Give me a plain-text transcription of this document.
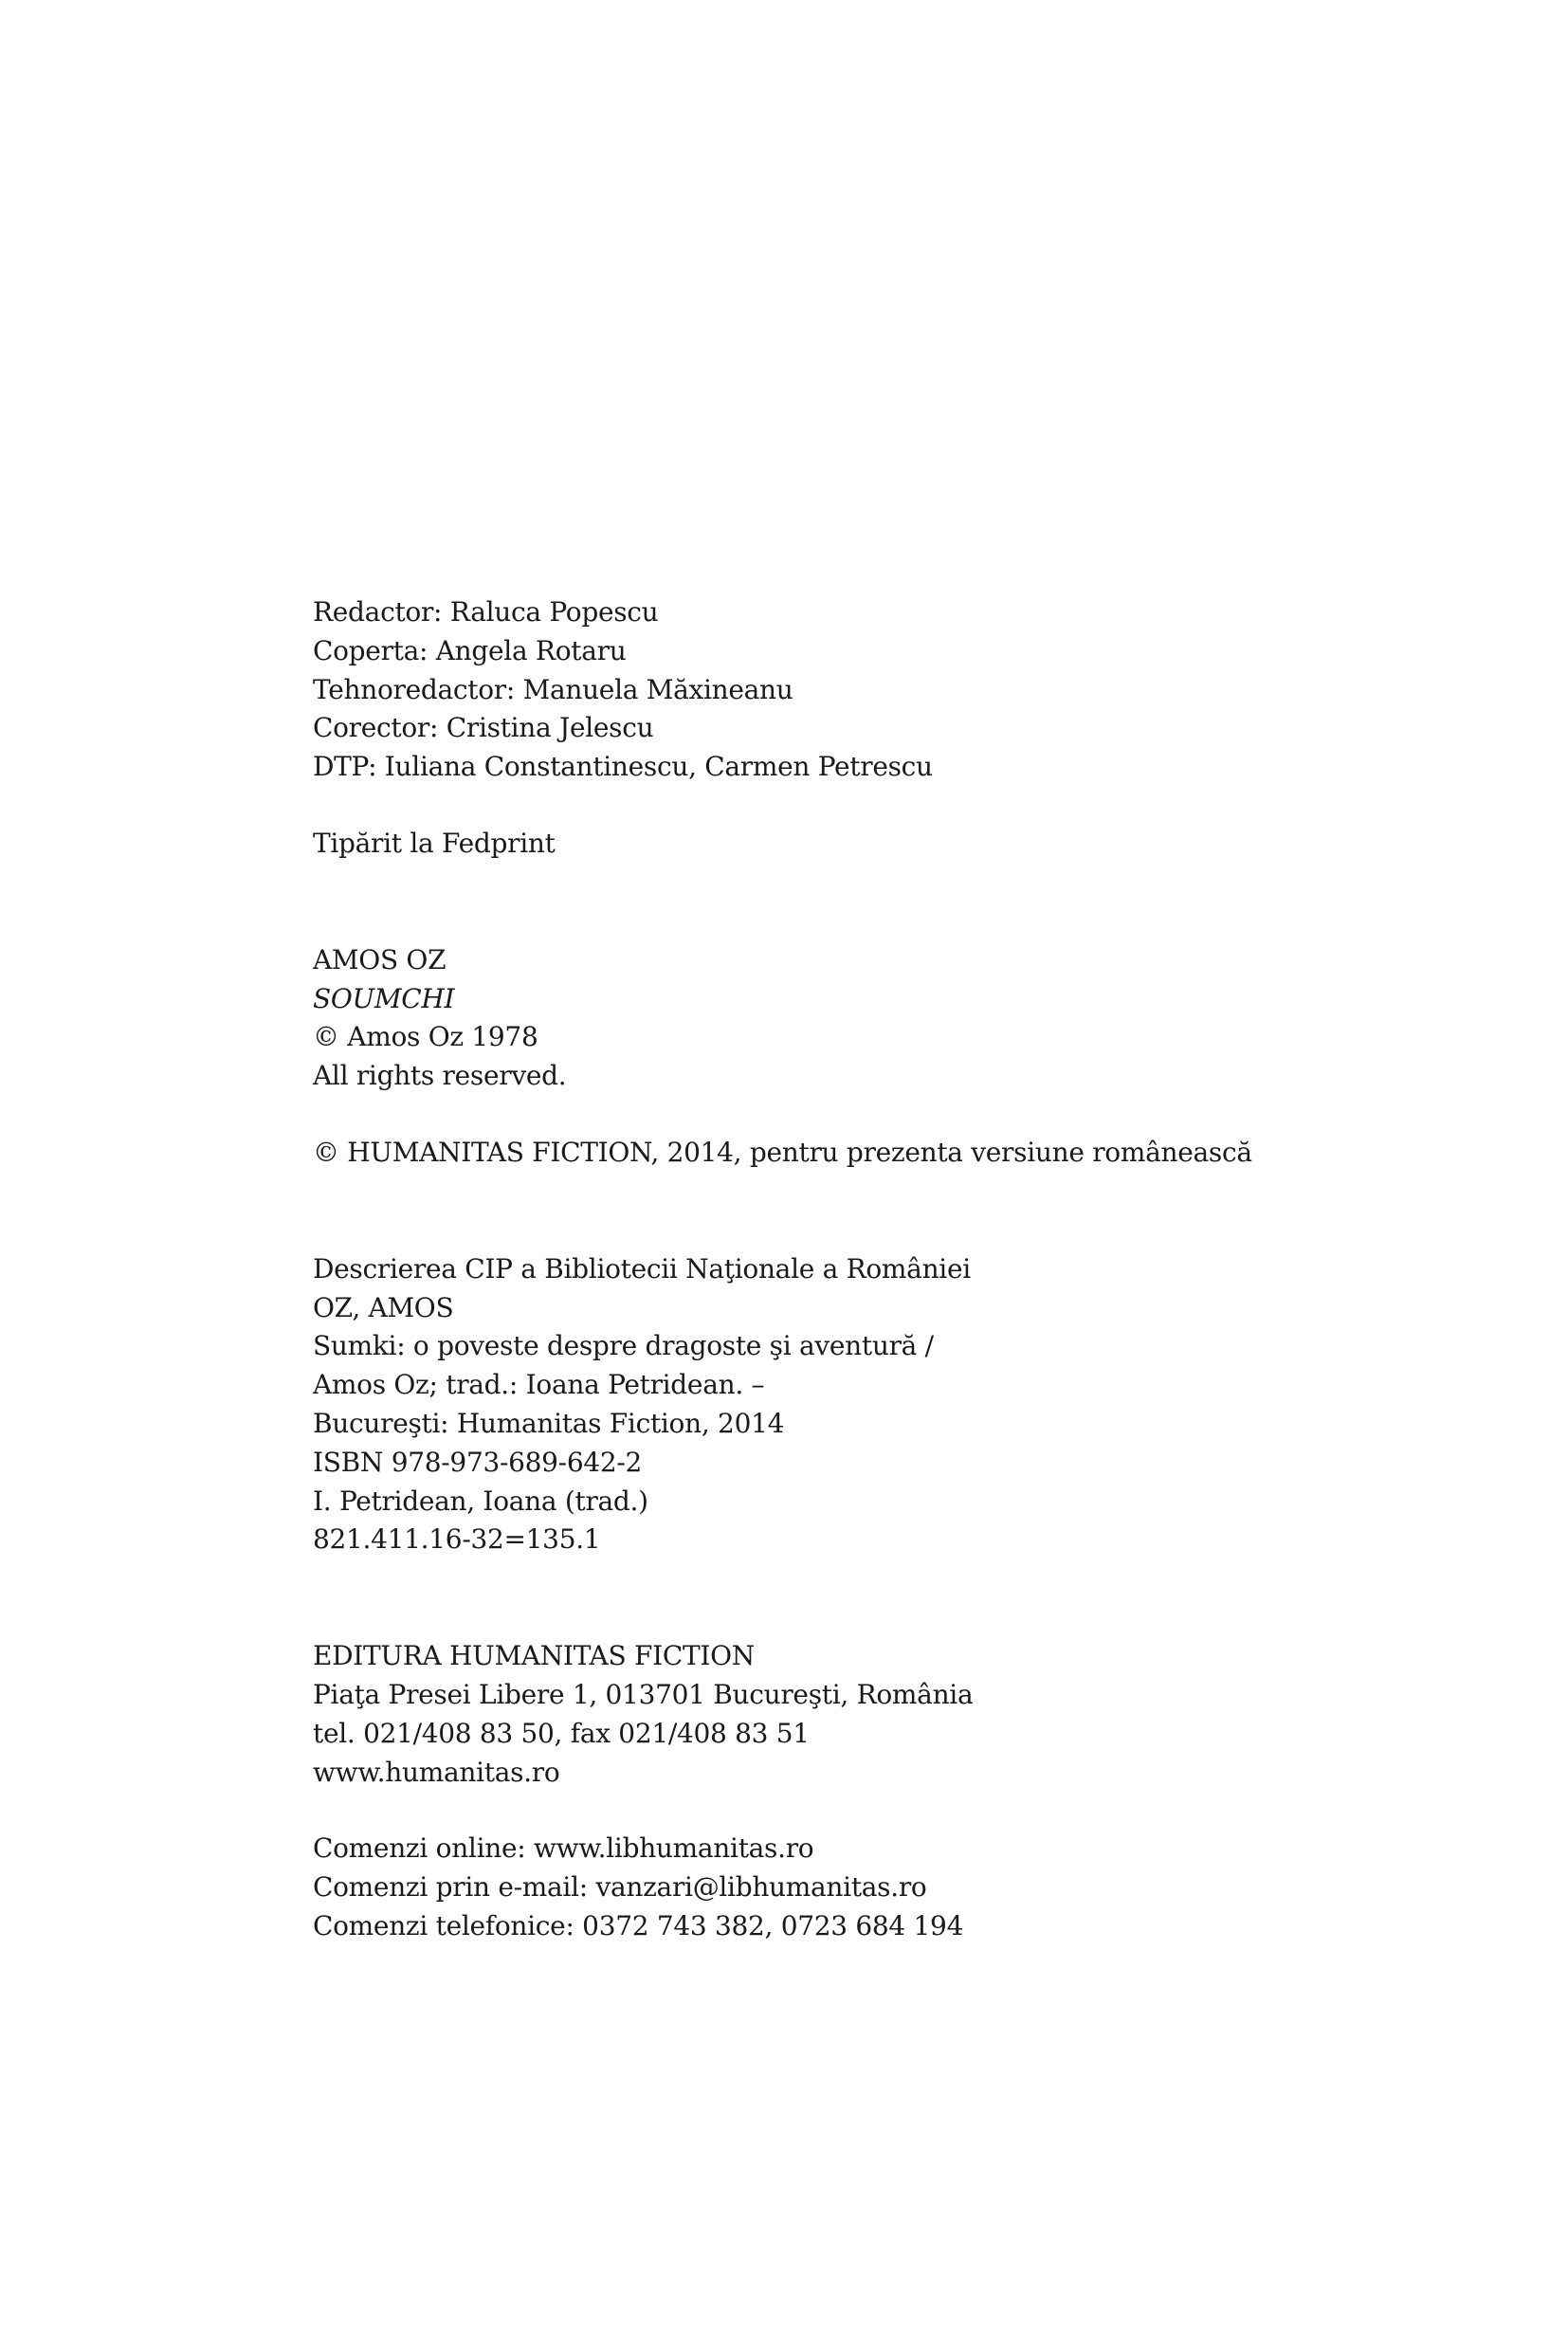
Redactor: Raluca Popescu
Coperta: Angela Rotaru
Tehnoredactor: Manuela Măxineanu
Corector: Cristina Jelescu
DTP: Iuliana Constantinescu, Carmen Petrescu
Tipărit la Fedprint
AMOS OZ
SOUMCHI
© Amos Oz 1978
All rights reserved.
© HUMANITAS FICTION, 2014, pentru prezenta versiune românească
Descrierea CIP a Bibliotecii Naţionale a României
OZ, AMOS
Sumki: o poveste despre dragoste şi aventură /
Amos Oz; trad.: Ioana Petridean. –
Bucureşti: Humanitas Fiction, 2014
ISBN 978-973-689-642-2
I. Petridean, Ioana (trad.)
821.411.16-32=135.1
EDITURA HUMANITAS FICTION
Piaţa Presei Libere 1, 013701 Bucureşti, România
tel. 021/408 83 50, fax 021/408 83 51
www.humanitas.ro
Comenzi online: www.libhumanitas.ro
Comenzi prin e-mail: vanzari@libhumanitas.ro
Comenzi telefonice: 0372 743 382, 0723 684 194
